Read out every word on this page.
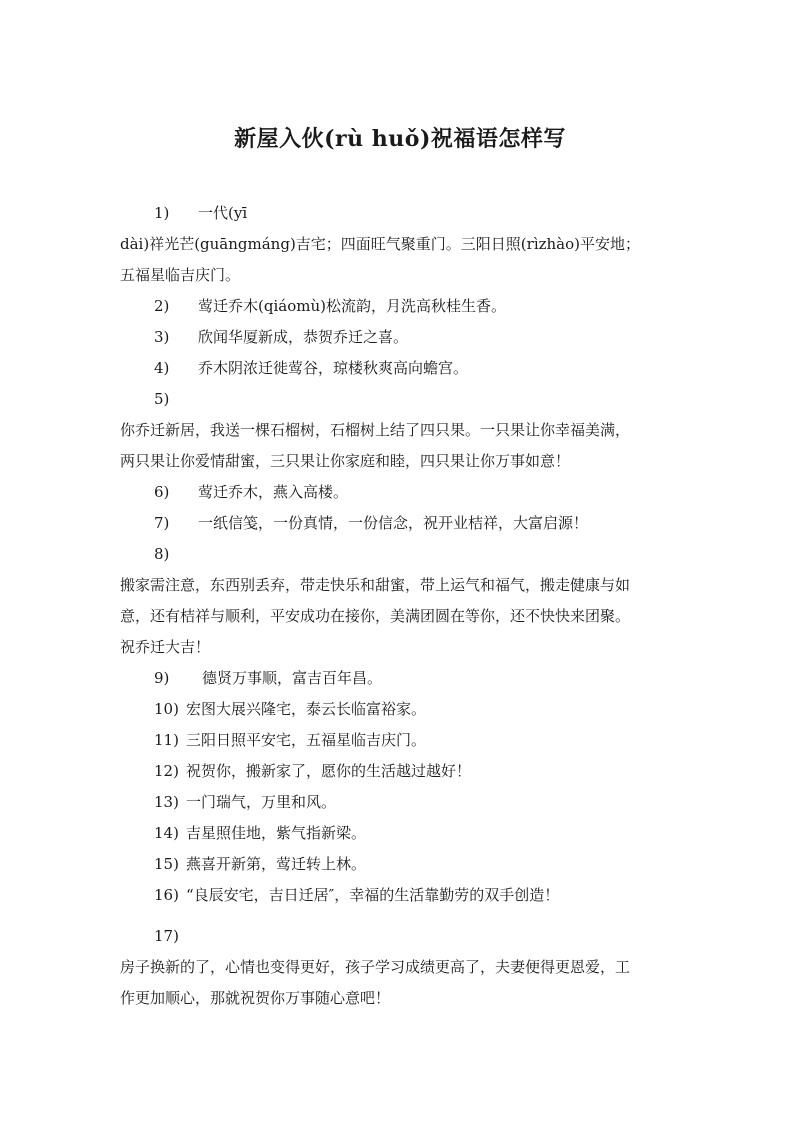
新屋入伙(rù huǒ)祝福语怎样写
1) 一代(yī
dài)祥光芒(guāngmáng)吉宅；四面旺气聚重门。三阳日照(rìzhào)平安地；
五福星临吉庆门。
2) 莺迁乔木(qiáomù)松流韵，月洗高秋桂生香。
3) 欣闻华厦新成，恭贺乔迁之喜。
4) 乔木阴浓迁徙莺谷，琼楼秋爽高向蟾宫。
5)
你乔迁新居，我送一棵石榴树，石榴树上结了四只果。一只果让你幸福美满，
两只果让你爱情甜蜜，三只果让你家庭和睦，四只果让你万事如意！
6) 莺迁乔木，燕入高楼。
7) 一纸信笺，一份真情，一份信念，祝开业桔祥，大富启源！
8)
搬家需注意，东西别丢弃，带走快乐和甜蜜，带上运气和福气，搬走健康与如
意，还有桔祥与顺利，平安成功在接你，美满团圆在等你，还不快快来团聚。
祝乔迁大吉！
9) 德贤万事顺，富吉百年昌。
10) 宏图大展兴隆宅，泰云长临富裕家。
11) 三阳日照平安宅，五福星临吉庆门。
12) 祝贺你，搬新家了，愿你的生活越过越好！
13) 一门瑞气，万里和风。
14) 吉星照佳地，紫气指新梁。
15) 燕喜开新第，莺迁转上林。
16) “良辰安宅，吉日迁居″，幸福的生活靠勤劳的双手创造！
17)
房子换新的了，心情也变得更好，孩子学习成绩更高了，夫妻便得更恩爱，工
作更加顺心，那就祝贺你万事随心意吧！
